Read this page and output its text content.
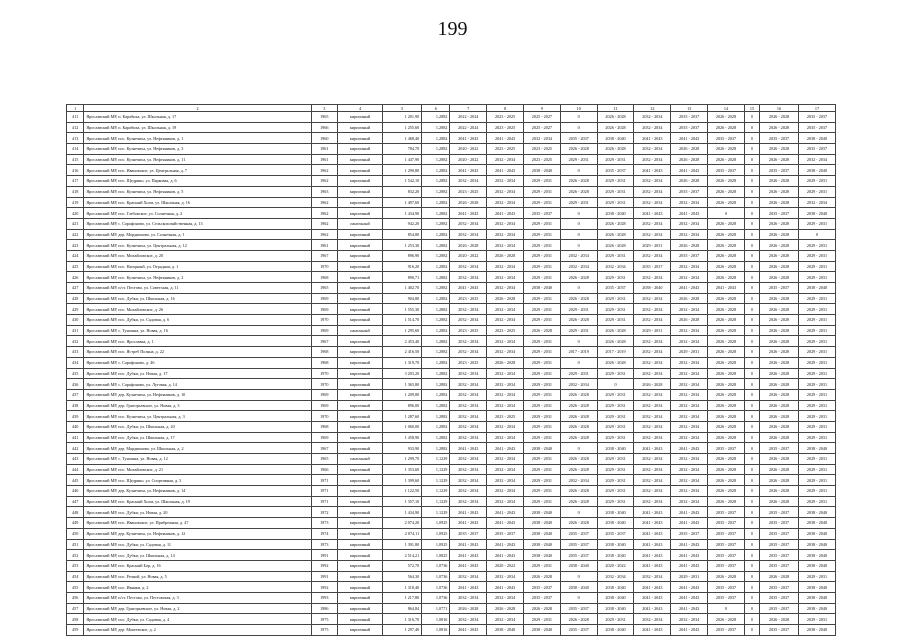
199
1	2	3	4	5	6	7	8	9	10	11	12	13	14	15	16	17
411	Ярославский МР, п. Карабиха, ул. Школьная, д. 17	1965	кирпичный	1 201,90	1,2882	2022 - 2024	2023 - 2025	2025 - 2027	0	2026 - 2028	2032 - 2034	2035 - 2037	2026 - 2028	0	2026 - 2028	2035 - 2037
412	Ярославский МР, п. Карабиха, ул. Школьная, д. 19	1966	кирпичный	1 255,60	1,2882	2022 - 2024	2023 - 2025	2025 - 2027	0	2026 - 2028	2032 - 2034	2035 - 2037	2026 - 2028	0	2026 - 2028	2035 - 2037
413	Ярославский МР, пос. Кузнечиха, ул. Нефтяников, д. 1	1960	кирпичный	1 468,40	1,2882	2041 - 2043	2041 - 2043	2032 - 2034	2035 - 2037	2038 - 2040	2041 - 2043	2041 - 2043	2035 - 2037	0	2035 - 2037	2038 - 2040
414	Ярославский МР, пос. Кузнечиха, ул. Нефтяников, д. 3	1961	кирпичный	784,70	1,2882	2020 - 2022	2023 - 2025	2023 - 2025	2026 - 2028	2026 - 2028	2032 - 2034	2026 - 2028	2026 - 2028	0	2026 - 2028	2035 - 2037
415	Ярославский МР, пос. Кузнечиха, ул. Нефтяников, д. 11	1961	кирпичный	1 447,90	1,2882	2020 - 2022	2032 - 2034	2023 - 2025	2029 - 2031	2029 - 2031	2032 - 2034	2026 - 2028	2026 - 2028	0	2026 - 2028	2032 - 2034
416	Ярославский МР, пос. Ивановское, ул. Центральная, д. 7	1962	кирпичный	1 290,80	1,2882	2041 - 2043	2041 - 2043	2038 - 2040	0	2035 - 2037	2041 - 2043	2041 - 2043	2035 - 2037	0	2035 - 2037	2038 - 2040
417	Ярославский МР, пос. Щедрино, ул. Парковая, д. 6	1962	кирпичный	1 542,10	1,2882	2032 - 2034	2032 - 2034	2029 - 2031	2026 - 2028	2029 - 2031	2032 - 2034	2026 - 2028	2026 - 2028	0	2026 - 2028	2029 - 2031
418	Ярославский МР, пос. Кузнечиха, ул. Нефтяников, д. 5	1963	кирпичный	832,20	1,2882	2023 - 2025	2032 - 2034	2029 - 2031	2026 - 2028	2029 - 2031	2032 - 2034	2035 - 2037	2026 - 2028	0	2026 - 2028	2029 - 2031
419	Ярославский МР, пос. Красный Холм, ул. Школьная, д. 16	1962	кирпичный	1 497,60	1,2882	2026 - 2028	2032 - 2034	2029 - 2031	2029 - 2031	2029 - 2031	2032 - 2034	2032 - 2034	2026 - 2028	0	2026 - 2028	2032 - 2034
420	Ярославский МР, пос. Глебовское, ул. Солнечная, д. 2	1962	кирпичный	1 434,90	1,2882	2041 - 2043	2041 - 2043	2035 - 2037	0	2038 - 2040	2041 - 2043	2041 - 2043	0	0	2035 - 2037	2038 - 2040
421	Ярославский МР, с. Сарафоново, ул. Сельскохозяйственная, д. 13	1962	панельный	942,20	1,2882	2032 - 2034	2032 - 2034	2029 - 2031	0	2026 - 2028	2032 - 2034	2032 - 2034	2026 - 2028	0	2026 - 2028	2029 - 2031
422	Ярославский МР, дер. Мордвиново, ул. Солнечная, д. 1	1962	кирпичный	854,80	1,2882	2032 - 2034	2032 - 2034	2029 - 2031	0	2026 - 2028	2032 - 2034	2032 - 2034	2026 - 2028	0	2026 - 2028	0
423	Ярославский МР, пос. Кузнечиха, ул. Центральная, д. 12	1961	кирпичный	1 253,30	1,2882	2026 - 2028	2032 - 2034	2029 - 2031	0	2026 - 2028	2029 - 2031	2026 - 2028	2026 - 2028	0	2026 - 2028	2029 - 2031
424	Ярославский МР, пос. Михайловское, д. 20	1967	кирпичный	896,90	1,2882	2020 - 2022	2026 - 2028	2029 - 2031	2032 - 2034	2029 - 2031	2032 - 2034	2035 - 2037	2026 - 2028	0	2026 - 2028	2029 - 2031
425	Ярославский МР, пос. Нагорный, ул. Отрадная, д. 1	1970	кирпичный	916,20	1,2882	2032 - 2034	2032 - 2034	2029 - 2031	2032 - 2034	2032 - 2034	2035 - 2037	2032 - 2034	2026 - 2028	0	2026 - 2028	2029 - 2031
426	Ярославский МР, пос. Кузнечиха, ул. Нефтяников, д. 2	1968	кирпичный	890,71	1,2882	2032 - 2034	2032 - 2034	2029 - 2031	2026 - 2028	2029 - 2031	2032 - 2034	2032 - 2034	2026 - 2028	0	2026 - 2028	2029 - 2031
427	Ярославский МР, п/ст. Пестово, ул. Советская, д. 11	1965	кирпичный	1 402,70	1,2882	2041 - 2043	2032 - 2034	2038 - 2040	0	2035 - 2037	2038 - 2040	2041 - 2043	2041 - 2043	0	2035 - 2037	2038 - 2040
428	Ярославский МР, пос. Дубки, ул. Школьная, д. 16	1969	кирпичный	904,80	1,2882	2023 - 2025	2026 - 2028	2029 - 2031	2026 - 2028	2029 - 2031	2032 - 2034	2026 - 2028	2026 - 2028	0	2026 - 2028	2029 - 2031
429	Ярославский МР, пос. Михайловское, д. 26	1969	кирпичный	1 555,30	1,2882	2032 - 2034	2032 - 2034	2029 - 2031	2029 - 2031	2029 - 2031	2032 - 2034	2032 - 2034	2026 - 2028	0	2026 - 2028	2029 - 2031
430	Ярославский МР, пос. Дубки, ул. Садовая, д. 6	1970	кирпичный	1 514,70	1,2882	2032 - 2034	2032 - 2034	2029 - 2031	2026 - 2028	2029 - 2031	2032 - 2034	2026 - 2028	2026 - 2028	0	2026 - 2028	2029 - 2031
431	Ярославский МР, с. Туношна, ул. Новая, д. 16	1969	панельный	1 295,60	1,2882	2023 - 2025	2023 - 2025	2026 - 2028	2029 - 2031	2026 - 2028	2029 - 2031	2032 - 2034	2026 - 2028	0	2026 - 2028	2029 - 2031
432	Ярославский МР, пос. Ярославка, д. 1	1967	кирпичный	2 453,40	1,2882	2032 - 2034	2032 - 2034	2029 - 2031	0	2026 - 2028	2032 - 2034	2032 - 2034	2026 - 2028	0	2026 - 2028	2029 - 2031
433	Ярославский МР, пос. Ястреб Поляна, д. 22	1968	кирпичный	2 416,50	1,2882	2032 - 2034	2032 - 2034	2029 - 2031	2017 - 2019	2017 - 2019	2032 - 2034	2029 - 2031	2026 - 2028	0	2026 - 2028	2029 - 2031
434	Ярославский МР, с. Сарафоново, д. 46	1968	кирпичный	1 319,70	1,2882	2023 - 2025	2026 - 2028	2029 - 2031	0	2026 - 2028	2032 - 2034	2032 - 2034	2026 - 2028	0	2026 - 2028	2029 - 2031
435	Ярославский МР, пос. Дубки, ул. Новая, д. 17	1970	кирпичный	3 203,20	1,2882	2032 - 2034	2032 - 2034	2029 - 2031	2029 - 2031	2029 - 2031	2032 - 2034	2032 - 2034	2026 - 2028	0	2026 - 2028	2029 - 2031
436	Ярославский МР, с. Сарафоново, ул. Луговая, д. 14	1970	кирпичный	1 365,80	1,2882	2032 - 2034	2032 - 2034	2029 - 2031	2032 - 2034	0	2026 - 2028	2032 - 2034	2026 - 2028	0	2026 - 2028	2029 - 2031
437	Ярославский МР, дер. Кузнечиха, ул. Нефтяников, д. 10	1969	кирпичный	1 209,80	1,2882	2032 - 2034	2032 - 2034	2029 - 2031	2026 - 2028	2029 - 2031	2032 - 2034	2032 - 2034	2026 - 2028	0	2026 - 2028	2029 - 2031
438	Ярославский МР, дер. Григорьевское, ул. Новая, д. 3	1969	кирпичный	896,00	1,2882	2032 - 2034	2032 - 2034	2029 - 2031	2026 - 2028	2029 - 2031	2032 - 2034	2032 - 2034	2026 - 2028	0	2026 - 2028	2029 - 2031
439	Ярославский МР, пос. Кузнечиха, ул. Центральная, д. 3	1970	кирпичный	1 287,60	1,2882	2032 - 2034	2023 - 2025	2029 - 2031	2026 - 2028	2029 - 2031	2032 - 2034	2032 - 2034	2026 - 2028	0	2026 - 2028	2029 - 2031
440	Ярославский МР, пос. Дубки, ул. Школьная, д. 20	1968	кирпичный	1 060,00	1,2882	2032 - 2034	2032 - 2034	2029 - 2031	2026 - 2028	2029 - 2031	2032 - 2034	2032 - 2034	2026 - 2028	0	2026 - 2028	2029 - 2031
441	Ярославский МР, пос. Дубки, ул. Школьная, д. 17	1969	кирпичный	1 458,90	1,2882	2032 - 2034	2032 - 2034	2029 - 2031	2026 - 2028	2029 - 2031	2032 - 2034	2032 - 2034	2026 - 2028	0	2026 - 2028	2029 - 2031
442	Ярославский МР, дер. Мордвиново, ул. Школьная, д. 2	1967	кирпичный	933,90	1,2882	2041 - 2043	2041 - 2043	2038 - 2040	0	2038 - 2040	2041 - 2043	2041 - 2043	2035 - 2037	0	2035 - 2037	2038 - 2040
443	Ярославский МР, с. Туношна, ул. Новая, д. 12	1965	панельный	1 299,70	1,1229	2032 - 2034	2032 - 2034	2029 - 2031	2026 - 2028	2029 - 2031	2032 - 2034	2032 - 2034	2026 - 2028	0	2026 - 2028	2029 - 2031
444	Ярославский МР, пос. Михайловское, д. 21	1966	кирпичный	1 353,60	1,1229	2032 - 2034	2032 - 2034	2029 - 2031	2026 - 2028	2029 - 2031	2032 - 2034	2032 - 2034	2026 - 2028	0	2026 - 2028	2029 - 2031
445	Ярославский МР, пос. Щедрино, ул. Спортивная, д. 3	1971	кирпичный	1 399,60	1,1229	2032 - 2034	2032 - 2034	2029 - 2031	2032 - 2034	2029 - 2031	2032 - 2034	2032 - 2034	2026 - 2028	0	2026 - 2028	2029 - 2031
446	Ярославский МР, дер. Кузнечиха, ул. Нефтяников, д. 14	1971	кирпичный	1 122,50	1,1229	2032 - 2034	2032 - 2034	2029 - 2031	2026 - 2028	2029 - 2031	2032 - 2034	2032 - 2034	2026 - 2028	0	2026 - 2028	2029 - 2031
447	Ярославский МР, пос. Красный Холм, ул. Школьная, д. 19	1971	кирпичный	1 357,10	1,1229	2032 - 2034	2032 - 2034	2029 - 2031	2026 - 2028	2029 - 2031	2032 - 2034	2032 - 2034	2026 - 2028	0	2026 - 2028	2029 - 2031
448	Ярославский МР, пос. Дубки, ул. Новая, д. 20	1972	кирпичный	1 434,90	1,1229	2041 - 2043	2041 - 2043	2038 - 2040	0	2038 - 2040	2041 - 2043	2041 - 2043	2035 - 2037	0	2035 - 2037	2038 - 2040
449	Ярославский МР, пос. Ивановское, ул. Прибрежная, д. 47	1973	кирпичный	2 074,20	1,0925	2041 - 2043	2041 - 2043	2038 - 2040	2026 - 2028	2038 - 2040	2041 - 2043	2041 - 2043	2035 - 2037	0	2035 - 2037	2038 - 2040
450	Ярославский МР, дер. Кузнечиха, ул. Нефтяников, д. 12	1974	кирпичный	2 074,11	1,0925	2035 - 2037	2035 - 2037	2038 - 2040	2035 - 2037	2035 - 2037	2041 - 2043	2035 - 2037	2035 - 2037	0	2035 - 2037	2038 - 2040
451	Ярославский МР, пос. Дубки, ул. Садовая, д. 11	1973	кирпичный	1 391,80	1,0925	2041 - 2043	2041 - 2043	2038 - 2040	2035 - 2037	2038 - 2040	2041 - 2043	2041 - 2043	2035 - 2037	0	2035 - 2037	2038 - 2040
452	Ярославский МР, пос. Дубки, ул. Школьная, д. 14	1991	кирпичный	2 514,21	1,0825	2041 - 2043	2041 - 2043	2038 - 2040	2035 - 2037	2038 - 2040	2041 - 2043	2041 - 2043	2035 - 2037	0	2035 - 2037	2038 - 2040
453	Ярославский МР, пос. Красный Бор, д. 16	1992	кирпичный	572,70	1,0736	2041 - 2043	2020 - 2022	2029 - 2031	2038 - 2040	2020 - 2022	2041 - 2043	2041 - 2043	2035 - 2037	0	2035 - 2037	2038 - 2040
454	Ярославский МР, пос. Речной, ул. Новая, д. 5	1991	кирпичный	564,30	1,0736	2032 - 2034	2032 - 2034	2026 - 2028	0	2032 - 2034	2032 - 2034	2029 - 2031	2026 - 2028	0	2026 - 2028	2029 - 2031
455	Ярославский МР, пос. Ивняки, д. 2	1992	кирпичный	1 318,40	1,0736	2041 - 2043	2041 - 2043	2035 - 2037	2038 - 2040	2038 - 2040	2041 - 2043	2041 - 2043	2035 - 2037	0	2035 - 2037	2038 - 2040
456	Ярославский МР, п/ст. Пестово, ул. Пестовская, д. 3	1993	кирпичный	1 217,80	1,0736	2032 - 2034	2032 - 2034	2035 - 2037	0	2038 - 2040	2041 - 2043	2041 - 2043	2035 - 2037	0	2035 - 2037	2038 - 2040
457	Ярославский МР, дер. Григорьевское, ул. Новая, д. 2	1986	кирпичный	864,84	1,0771	2026 - 2028	2026 - 2028	2026 - 2028	2035 - 2037	2038 - 2040	2041 - 2043	2041 - 2043	0	0	2035 - 2037	2038 - 2040
458	Ярославский МР, пос. Дубки, ул. Садовая, д. 4	1975	кирпичный	1 316,70	1,0816	2032 - 2034	2032 - 2034	2029 - 2031	2026 - 2028	2029 - 2031	2032 - 2034	2032 - 2034	2026 - 2028	0	2026 - 2028	2029 - 2031
459	Ярославский МР, дер. Мокеевское, д. 2	1975	кирпичный	1 297,40	1,0816	2041 - 2043	2038 - 2040	2038 - 2040	2035 - 2037	2038 - 2040	2041 - 2043	2041 - 2043	2035 - 2037	0	2035 - 2037	2038 - 2040
